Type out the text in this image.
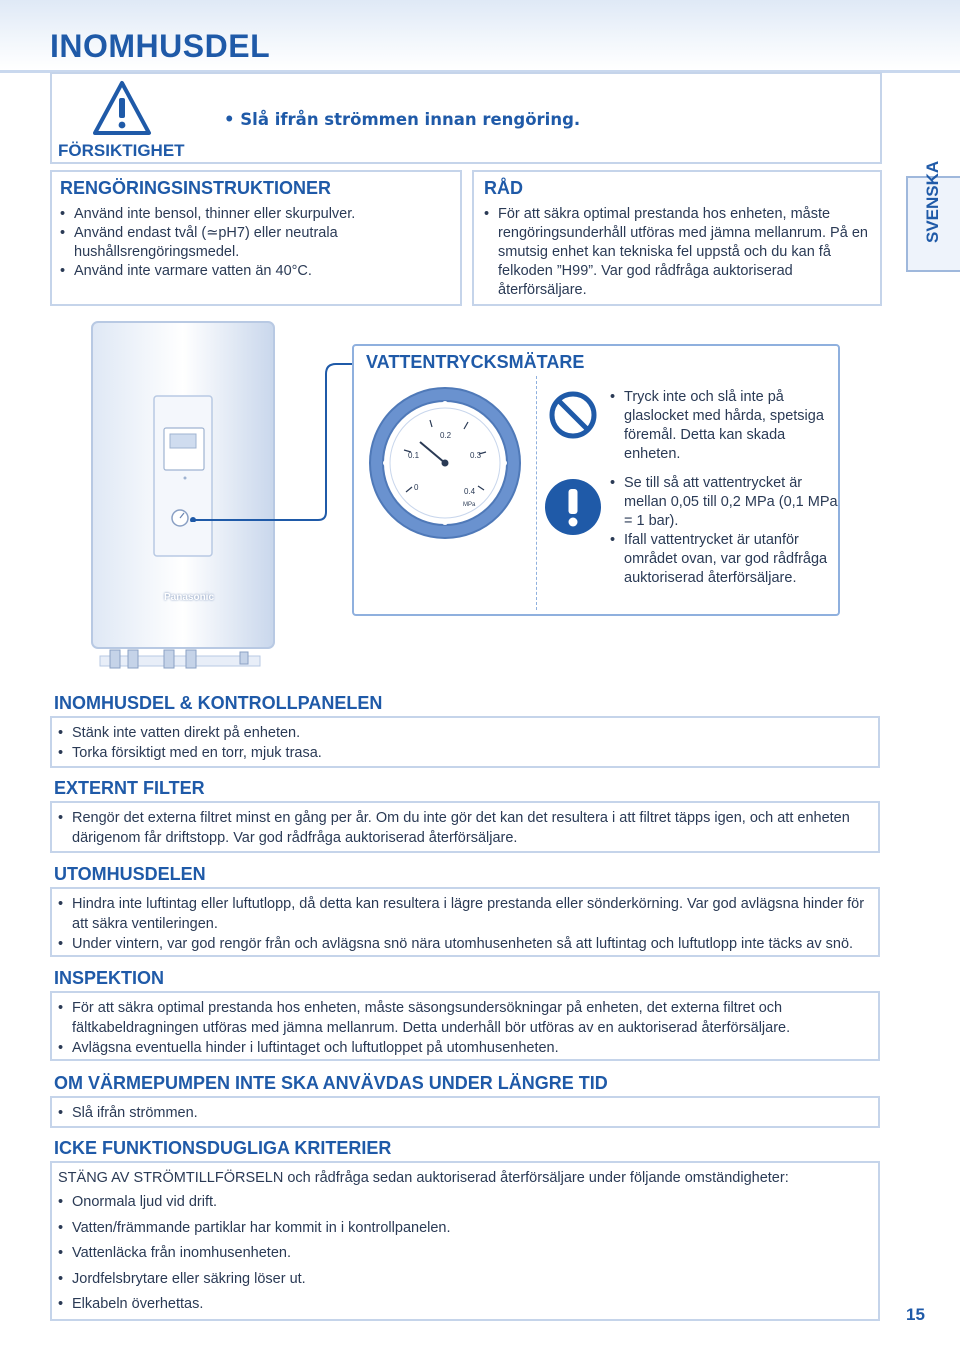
INOMHUSDEL
FÖRSIKTIGHET
• Slå ifrån strömmen innan rengöring.
RENGÖRINGSINSTRUKTIONER
• Använd inte bensol, thinner eller skurpulver.
• Använd endast tvål (≃pH7) eller neutrala hushållsrengöringsmedel.
• Använd inte varmare vatten än 40°C.
RÅD
• För att säkra optimal prestanda hos enheten, måste rengöringsunderhåll utföras med jämna mellanrum. På en smutsig enhet kan tekniska fel uppstå och du kan få felkoden ”H99”. Var god rådfråga auktoriserad återförsäljare.
SVENSKA
Panasonic
VATTENTRYCKSMÄTARE
0
0.1
0.2
0.3
0.4
MPa
• Tryck inte och slå inte på glaslocket med hårda, spetsiga föremål. Detta kan skada enheten.
• Se till så att vattentrycket är mellan 0,05 till 0,2 MPa (0,1 MPa = 1 bar).
• Ifall vattentrycket är utanför området ovan, var god rådfråga auktoriserad återförsäljare.
INOMHUSDEL & KONTROLLPANELEN
• Stänk inte vatten direkt på enheten.
• Torka försiktigt med en torr, mjuk trasa.
EXTERNT FILTER
• Rengör det externa filtret minst en gång per år. Om du inte gör det kan det resultera i att filtret täpps igen, och att enheten därigenom får driftstopp. Var god rådfråga auktoriserad återförsäljare.
UTOMHUSDELEN
• Hindra inte luftintag eller luftutlopp, då detta kan resultera i lägre prestanda eller sönderkörning. Var god avlägsna hinder för att säkra ventileringen.
• Under vintern, var god rengör från och avlägsna snö nära utomhusenheten så att luftintag och luftutlopp inte täcks av snö.
INSPEKTION
• För att säkra optimal prestanda hos enheten, måste säsongsundersökningar på enheten, det externa filtret och fältkabeldragningen utföras med jämna mellanrum. Detta underhåll bör utföras av en auktoriserad återförsäljare.
• Avlägsna eventuella hinder i luftintaget och luftutloppet på utomhusenheten.
OM VÄRMEPUMPEN INTE SKA ANVÄVDAS UNDER LÄNGRE TID
• Slå ifrån strömmen.
ICKE FUNKTIONSDUGLIGA KRITERIER
STÄNG AV STRÖMTILLFÖRSELN och rådfråga sedan auktoriserad återförsäljare under följande omständigheter:
• Onormala ljud vid drift.
• Vatten/främmande partiklar har kommit in i kontrollpanelen.
• Vattenläcka från inomhusenheten.
• Jordfelsbrytare eller säkring löser ut.
• Elkabeln överhettas.
15
